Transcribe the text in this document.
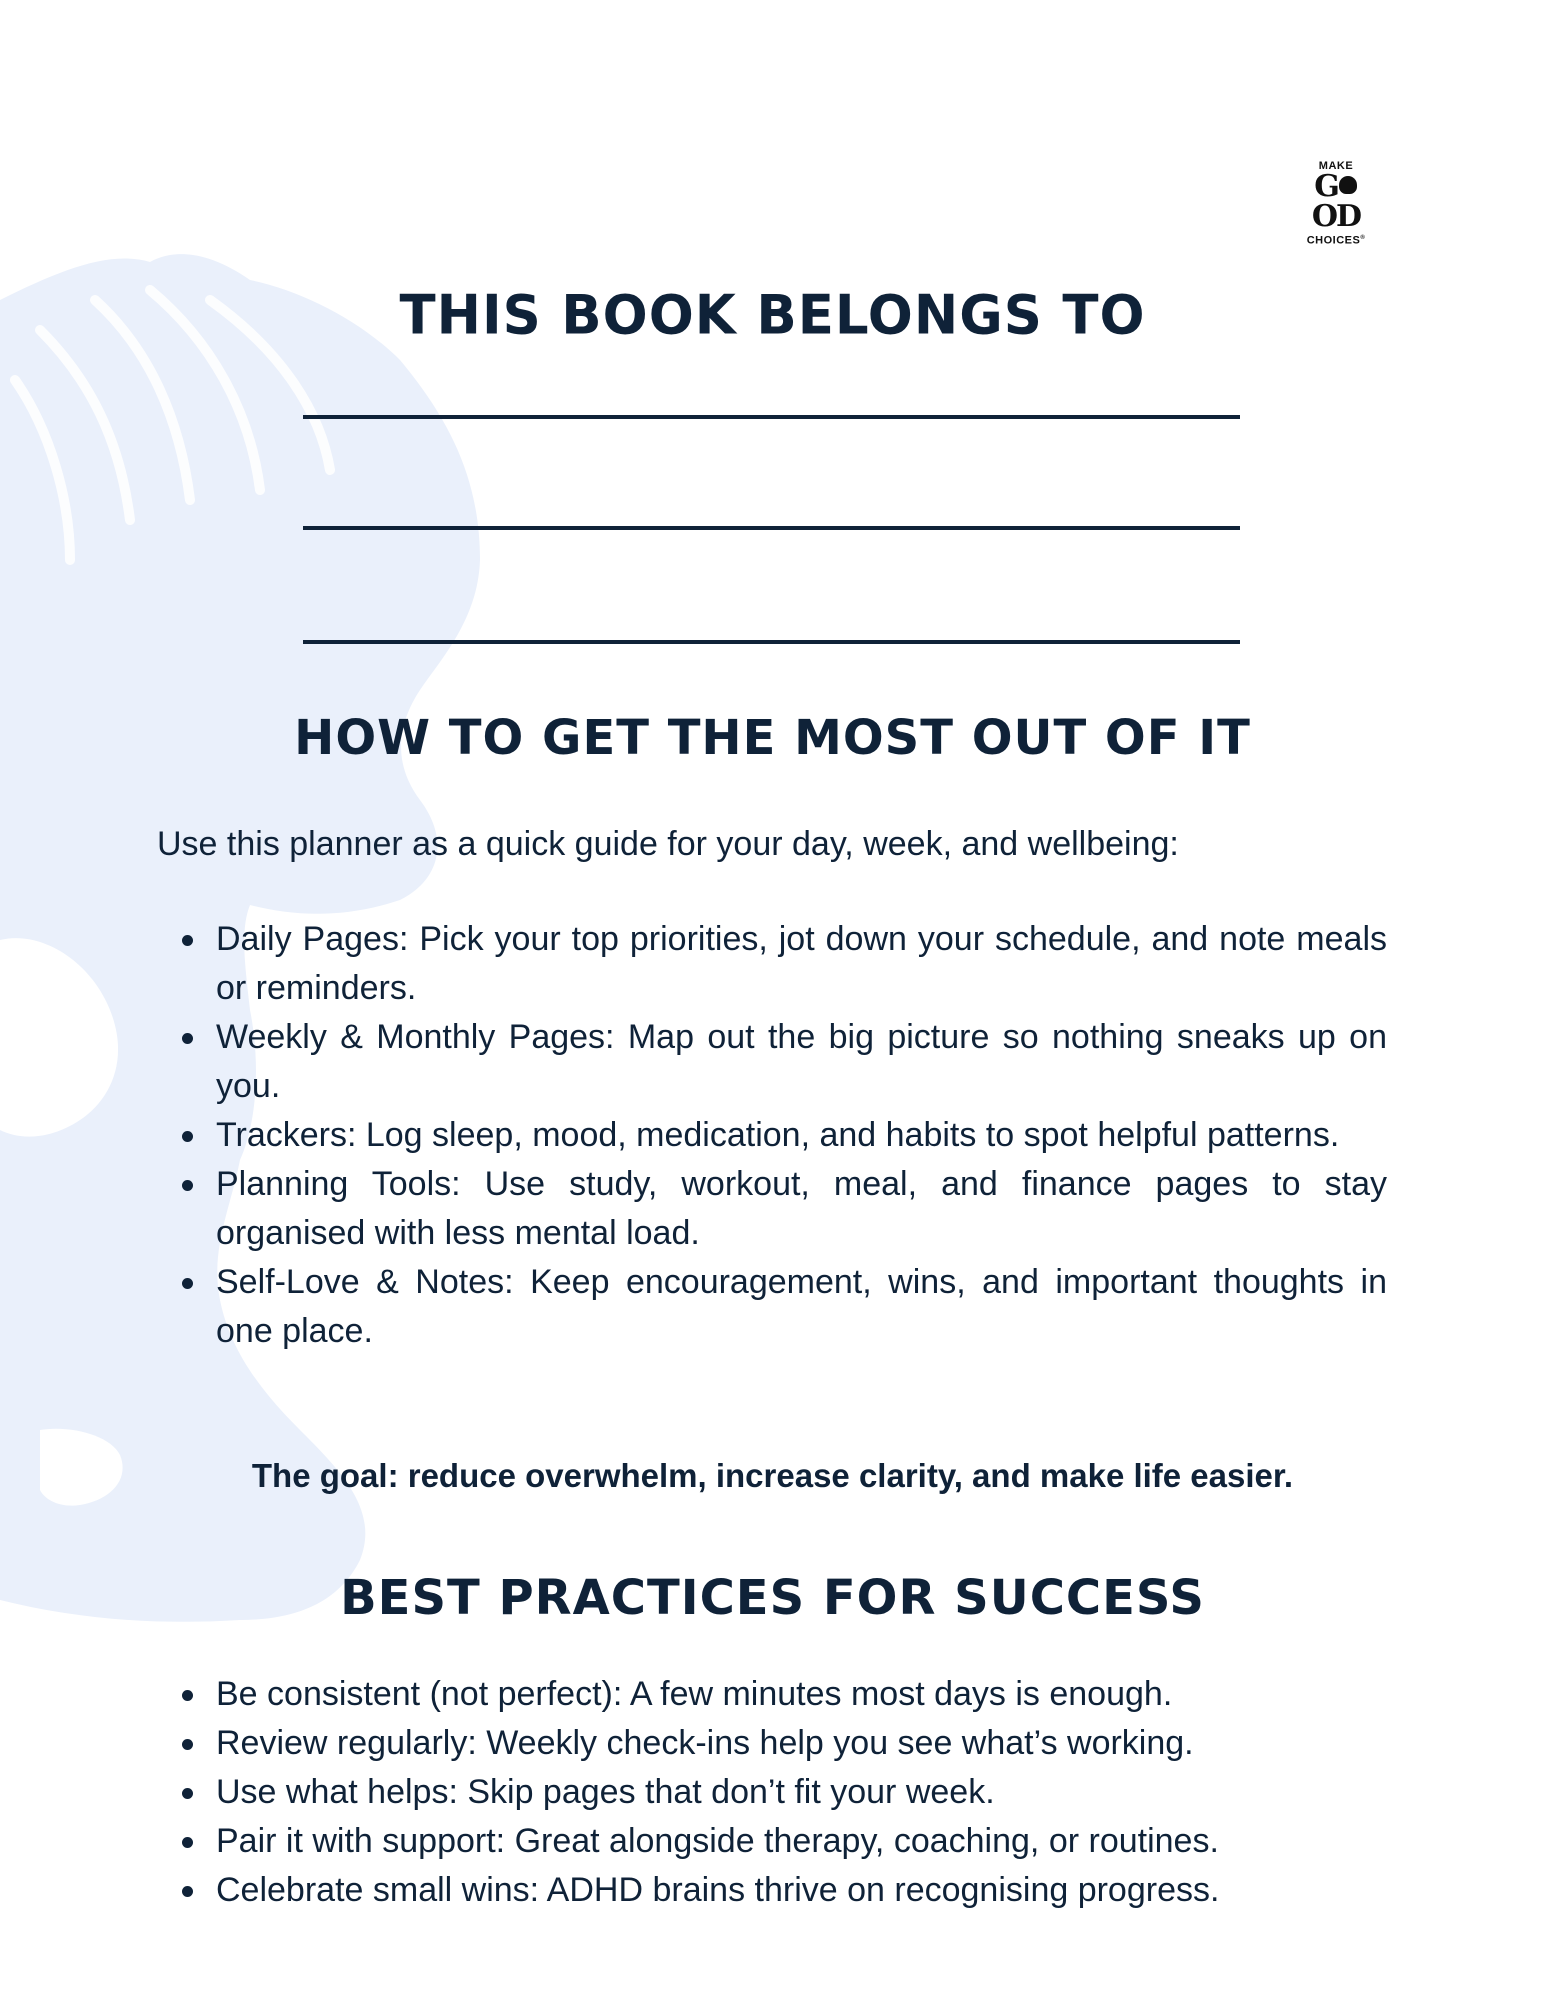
MAKE
G
OD
CHOICES®
THIS BOOK BELONGS TO
HOW TO GET THE MOST OUT OF IT

Use this planner as a quick guide for your day, week, and wellbeing:

Daily Pages: Pick your top priorities, jot down your schedule, and note meals or reminders.
Weekly & Monthly Pages: Map out the big picture so nothing sneaks up on you.
Trackers: Log sleep, mood, medication, and habits to spot helpful patterns.
Planning Tools: Use study, workout, meal, and finance pages to stay organised with less mental load.
Self-Love & Notes: Keep encouragement, wins, and important thoughts in one place.

The goal: reduce overwhelm, increase clarity, and make life easier.

BEST PRACTICES FOR SUCCESS
Be consistent (not perfect): A few minutes most days is enough.
Review regularly: Weekly check-ins help you see what’s working.
Use what helps: Skip pages that don’t fit your week.
Pair it with support: Great alongside therapy, coaching, or routines.
Celebrate small wins: ADHD brains thrive on recognising progress.
